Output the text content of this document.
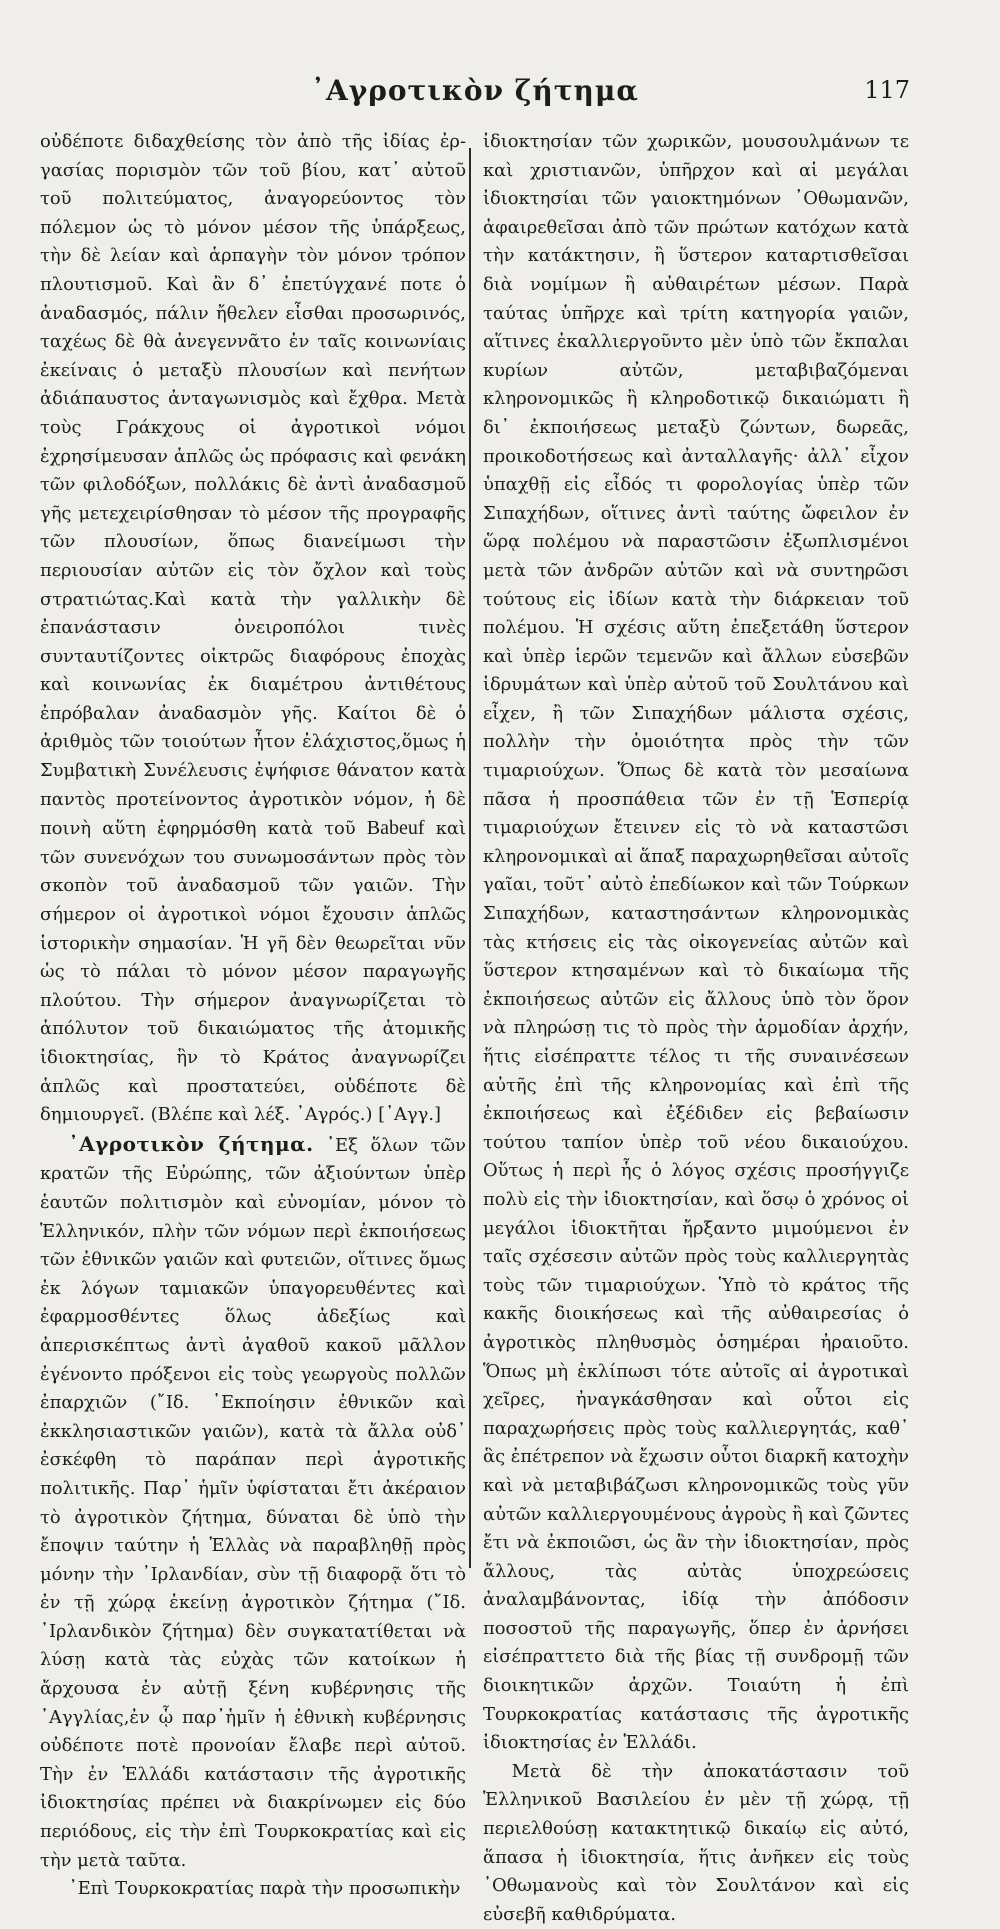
᾿Αγροτικὸν ζήτημα	117

οὐδέποτε διδαχθείσης τὸν ἀπὸ τῆς ἰδίας ἐρ-γασίας πορισμὸν τῶν τοῦ βίου, κατ᾿ αὐτοῦ τοῦ πολιτεύματος, ἀναγορεύοντος τὸν πόλεμον ὡς τὸ μόνον μέσον τῆς ὑπάρξεως, τὴν δὲ λείαν καὶ ἁρπαγὴν τὸν μόνον τρόπον πλουτισμοῦ. Καὶ ἂν δ᾿ ἐπετύγχανέ ποτε ὁ ἀναδασμός, πάλιν ἤθελεν εἶσθαι προσωρινός, ταχέως δὲ θὰ ἀνεγεννᾶτο ἐν ταῖς κοινωνίαις ἐκείναις ὁ μεταξὺ πλουσίων καὶ πενήτων ἀδιάπαυστος ἀνταγωνισμὸς καὶ ἔχθρα. Μετὰ τοὺς Γράκχους οἱ ἀγροτικοὶ νόμοι ἐχρησίμευσαν ἁπλῶς ὡς πρόφασις καὶ φενάκη τῶν φιλοδόξων, πολλάκις δὲ ἀντὶ ἀναδασμοῦ γῆς μετεχειρίσθησαν τὸ μέσον τῆς προγραφῆς τῶν πλουσίων, ὅπως διανείμωσι τὴν περιουσίαν αὐτῶν εἰς τὸν ὄχλον καὶ τοὺς στρατιώτας.Καὶ κατὰ τὴν γαλλικὴν δὲ ἐπανάστασιν ὀνειροπόλοι τινὲς συνταυτίζοντες οἰκτρῶς διαφόρους ἐποχὰς καὶ κοινωνίας ἐκ διαμέτρου ἀντιθέτους ἐπρόβαλαν ἀναδασμὸν γῆς. Καίτοι δὲ ὁ ἀριθμὸς τῶν τοιούτων ἦτον ἐλάχιστος,ὅμως ἡ Συμβατικὴ Συνέλευσις ἐψήφισε θάνατον κατὰ παντὸς προτείνοντος ἀγροτικὸν νόμον, ἡ δὲ ποινὴ αὕτη ἐφηρμόσθη κατὰ τοῦ Babeuf καὶ τῶν συνενόχων του συνωμοσάντων πρὸς τὸν σκοπὸν τοῦ ἀναδασμοῦ τῶν γαιῶν. Τὴν σήμερον οἱ ἀγροτικοὶ νόμοι ἔχουσιν ἁπλῶς ἱστορικὴν σημασίαν. Ἡ γῆ δὲν θεωρεῖται νῦν ὡς τὸ πάλαι τὸ μόνον μέσον παραγωγῆς πλούτου. Τὴν σήμερον ἀναγνωρίζεται τὸ ἀπόλυτον τοῦ δικαιώματος τῆς ἀτομικῆς ἰδιοκτησίας, ἣν τὸ Κράτος ἀναγνωρίζει ἁπλῶς καὶ προστατεύει, οὐδέποτε δὲ δημιουργεῖ. (Βλέπε καὶ λέξ. ᾿Αγρός.) [᾿Αγγ.]

᾿Αγροτικὸν ζήτημα. ᾿Εξ ὅλων τῶν κρατῶν τῆς Εὐρώπης, τῶν ἀξιούντων ὑπὲρ ἑαυτῶν πολιτισμὸν καὶ εὐνομίαν, μόνον τὸ Ἑλληνικόν, πλὴν τῶν νόμων περὶ ἐκποιήσεως τῶν ἐθνικῶν γαιῶν καὶ φυτειῶν, οἵτινες ὅμως ἐκ λόγων ταμιακῶν ὑπαγορευθέντες καὶ ἐφαρμοσθέντες ὅλως ἀδεξίως καὶ ἀπερισκέπτως ἀντὶ ἀγαθοῦ κακοῦ μᾶλλον ἐγένοντο πρόξενοι εἰς τοὺς γεωργοὺς πολλῶν ἐπαρχιῶν (῎Ιδ. ᾿Εκποίησιν ἐθνικῶν καὶ ἐκκλησιαστικῶν γαιῶν), κατὰ τὰ ἄλλα οὐδ᾿ ἐσκέφθη τὸ παράπαν περὶ ἀγροτικῆς πολιτικῆς. Παρ᾿ ἡμῖν ὑφίσταται ἔτι ἀκέραιον τὸ ἀγροτικὸν ζήτημα, δύναται δὲ ὑπὸ τὴν ἔποψιν ταύτην ἡ Ἑλλὰς νὰ παραβληθῇ πρὸς μόνην τὴν ᾿Ιρλανδίαν, σὺν τῇ διαφορᾷ ὅτι τὸ ἐν τῇ χώρᾳ ἐκείνῃ ἀγροτικὸν ζήτημα (῎Ιδ. ᾿Ιρλανδικὸν ζήτημα) δὲν συγκατατίθεται νὰ λύσῃ κατὰ τὰς εὐχὰς τῶν κατοίκων ἡ ἄρχουσα ἐν αὐτῇ ξένη κυβέρνησις τῆς ᾿Αγγλίας,ἐν ᾧ παρ᾿ἡμῖν ἡ ἐθνικὴ κυβέρνησις οὐδέποτε ποτὲ προνοίαν ἔλαβε περὶ αὐτοῦ. Τὴν ἐν Ἑλλάδι κατάστασιν τῆς ἀγροτικῆς ἰδιοκτησίας πρέπει νὰ διακρίνωμεν εἰς δύο περιόδους, εἰς τὴν ἐπὶ Τουρκοκρατίας καὶ εἰς τὴν μετὰ ταῦτα.

᾿Επὶ Τουρκοκρατίας παρὰ τὴν προσωπικὴν

ἰδιοκτησίαν τῶν χωρικῶν, μουσουλμάνων τε καὶ χριστιανῶν, ὑπῆρχον καὶ αἱ μεγάλαι ἰδιοκτησίαι τῶν γαιοκτημόνων ᾿Οθωμανῶν, ἀφαιρεθεῖσαι ἀπὸ τῶν πρώτων κατόχων κατὰ τὴν κατάκτησιν, ἢ ὕστερον καταρτισθεῖσαι διὰ νομίμων ἢ αὐθαιρέτων μέσων. Παρὰ ταύτας ὑπῆρχε καὶ τρίτη κατηγορία γαιῶν, αἵτινες ἐκαλλιεργοῦντο μὲν ὑπὸ τῶν ἔκπαλαι κυρίων αὐτῶν, μεταβιβαζόμεναι κληρονομικῶς ἢ κληροδοτικῷ δικαιώματι ἢ δι᾿ ἐκποιήσεως μεταξὺ ζώντων, δωρεᾶς, προικοδοτήσεως καὶ ἀνταλλαγῆς· ἀλλ᾿ εἶχον ὑπαχθῇ εἰς εἶδός τι φορολογίας ὑπὲρ τῶν Σιπαχήδων, οἵτινες ἀντὶ ταύτης ὤφειλον ἐν ὥρᾳ πολέμου νὰ παραστῶσιν ἐξωπλισμένοι μετὰ τῶν ἀνδρῶν αὐτῶν καὶ νὰ συντηρῶσι τούτους εἰς ἰδίων κατὰ τὴν διάρκειαν τοῦ πολέμου. Ἡ σχέσις αὕτη ἐπεξετάθη ὕστερον καὶ ὑπὲρ ἱερῶν τεμενῶν καὶ ἄλλων εὐσεβῶν ἱδρυμάτων καὶ ὑπὲρ αὐτοῦ τοῦ Σουλτάνου καὶ εἶχεν, ἢ τῶν Σιπαχήδων μάλιστα σχέσις, πολλὴν τὴν ὁμοιότητα πρὸς τὴν τῶν τιμαριούχων. Ὅπως δὲ κατὰ τὸν μεσαίωνα πᾶσα ἡ προσπάθεια τῶν ἐν τῇ Ἑσπερίᾳ τιμαριούχων ἔτεινεν εἰς τὸ νὰ καταστῶσι κληρονομικαὶ αἱ ἅπαξ παραχωρηθεῖσαι αὐτοῖς γαῖαι, τοῦτ᾿ αὐτὸ ἐπεδίωκον καὶ τῶν Τούρκων Σιπαχήδων, καταστησάντων κληρονομικὰς τὰς κτήσεις εἰς τὰς οἰκογενείας αὐτῶν καὶ ὕστερον κτησαμένων καὶ τὸ δικαίωμα τῆς ἐκποιήσεως αὐτῶν εἰς ἄλλους ὑπὸ τὸν ὅρον νὰ πληρώσῃ τις τὸ πρὸς τὴν ἁρμοδίαν ἀρχήν, ἥτις εἰσέπραττε τέλος τι τῆς συναινέσεων αὐτῆς ἐπὶ τῆς κληρονομίας καὶ ἐπὶ τῆς ἐκποιήσεως καὶ ἐξέδιδεν εἰς βεβαίωσιν τούτου ταπίον ὑπὲρ τοῦ νέου δικαιούχου. Οὕτως ἡ περὶ ἧς ὁ λόγος σχέσις προσήγγιζε πολὺ εἰς τὴν ἰδιοκτησίαν, καὶ ὅσῳ ὁ χρόνος οἱ μεγάλοι ἰδιοκτῆται ἤρξαντο μιμούμενοι ἐν ταῖς σχέσεσιν αὐτῶν πρὸς τοὺς καλλιεργητὰς τοὺς τῶν τιμαριούχων. Ὑπὸ τὸ κράτος τῆς κακῆς διοικήσεως καὶ τῆς αὐθαιρεσίας ὁ ἀγροτικὸς πληθυσμὸς ὁσημέραι ἠραιοῦτο. Ὅπως μὴ ἐκλίπωσι τότε αὐτοῖς αἱ ἀγροτικαὶ χεῖρες, ἠναγκάσθησαν καὶ οὗτοι εἰς παραχωρήσεις πρὸς τοὺς καλλιεργητάς, καθ᾿ ἃς ἐπέτρεπον νὰ ἔχωσιν οὗτοι διαρκῆ κατοχὴν καὶ νὰ μεταβιβάζωσι κληρονομικῶς τοὺς γῦν αὐτῶν καλλιεργουμένους ἀγροὺς ἢ καὶ ζῶντες ἔτι νὰ ἐκποιῶσι, ὡς ἂν τὴν ἰδιοκτησίαν, πρὸς ἄλλους, τὰς αὐτὰς ὑποχρεώσεις ἀναλαμβάνοντας, ἰδίᾳ τὴν ἀπόδοσιν ποσοστοῦ τῆς παραγωγῆς, ὅπερ ἐν ἀρνήσει εἰσέπραττετο διὰ τῆς βίας τῇ συνδρομῇ τῶν διοικητικῶν ἀρχῶν. Τοιαύτη ἡ ἐπὶ Τουρκοκρατίας κατάστασις τῆς ἀγροτικῆς ἰδιοκτησίας ἐν Ἑλλάδι.

Μετὰ δὲ τὴν ἀποκατάστασιν τοῦ Ἑλληνικοῦ Βασιλείου ἐν μὲν τῇ χώρᾳ, τῇ περιελθούσῃ κατακτητικῷ δικαίῳ εἰς αὐτό, ἅπασα ἡ ἰδιοκτησία, ἥτις ἀνῆκεν εἰς τοὺς ᾿Οθωμανοὺς καὶ τὸν Σουλτάνον καὶ εἰς εὐσεβῆ καθιδρύματα.
